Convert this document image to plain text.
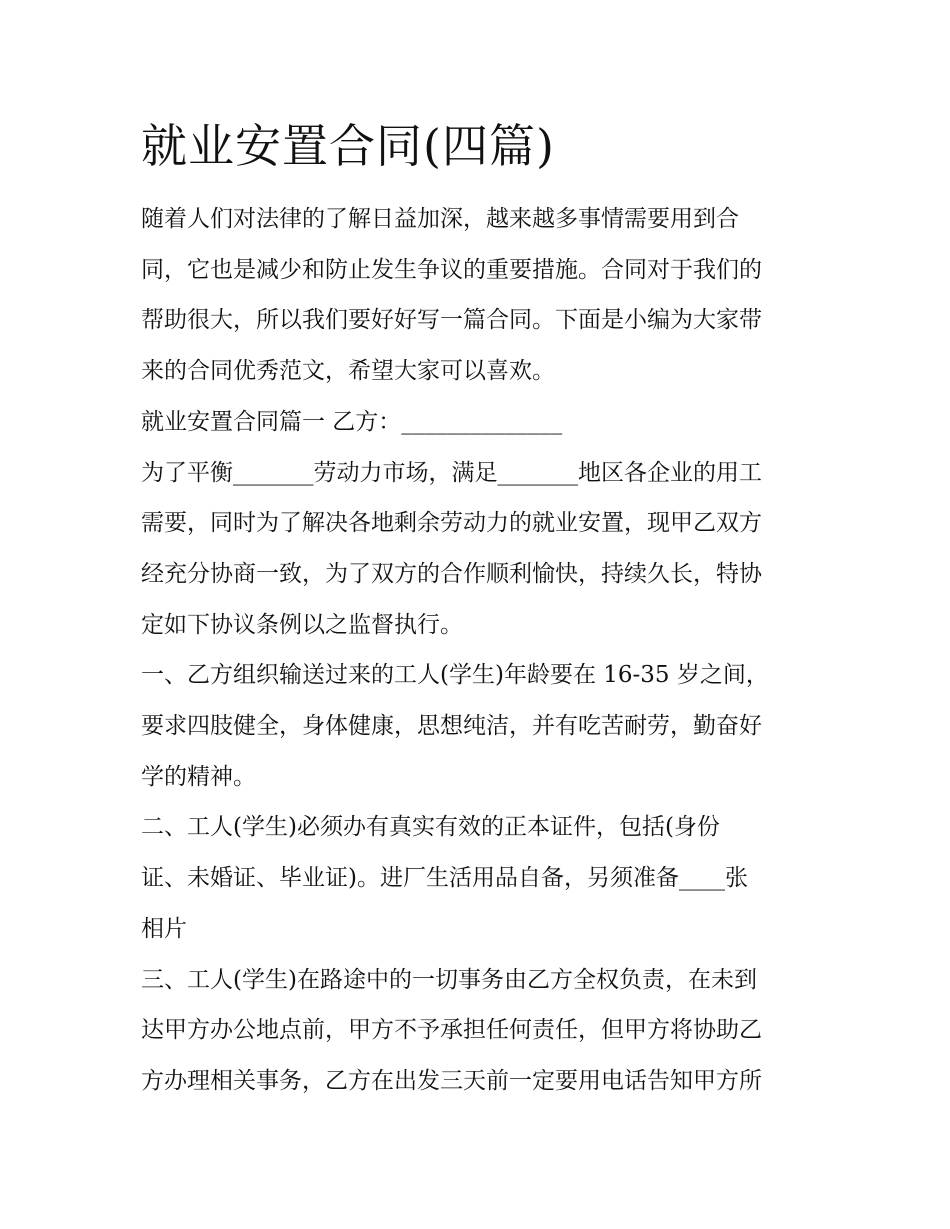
就业安置合同(四篇)

随着人们对法律的了解日益加深，越来越多事情需要用到合

同，它也是减少和防止发生争议的重要措施。合同对于我们的

帮助很大，所以我们要好好写一篇合同。下面是小编为大家带

来的合同优秀范文，希望大家可以喜欢。

就业安置合同篇一 乙方：______________

为了平衡_______劳动力市场，满足_______地区各企业的用工

需要，同时为了解决各地剩余劳动力的就业安置，现甲乙双方

经充分协商一致，为了双方的合作顺利愉快，持续久长，特协

定如下协议条例以之监督执行。

一、乙方组织输送过来的工人(学生)年龄要在 16-35 岁之间，

要求四肢健全，身体健康，思想纯洁，并有吃苦耐劳，勤奋好

学的精神。

二、工人(学生)必须办有真实有效的正本证件，包括(身份

证、未婚证、毕业证)。进厂生活用品自备，另须准备____张

相片

三、工人(学生)在路途中的一切事务由乙方全权负责，在未到

达甲方办公地点前，甲方不予承担任何责任，但甲方将协助乙

方办理相关事务，乙方在出发三天前一定要用电话告知甲方所
